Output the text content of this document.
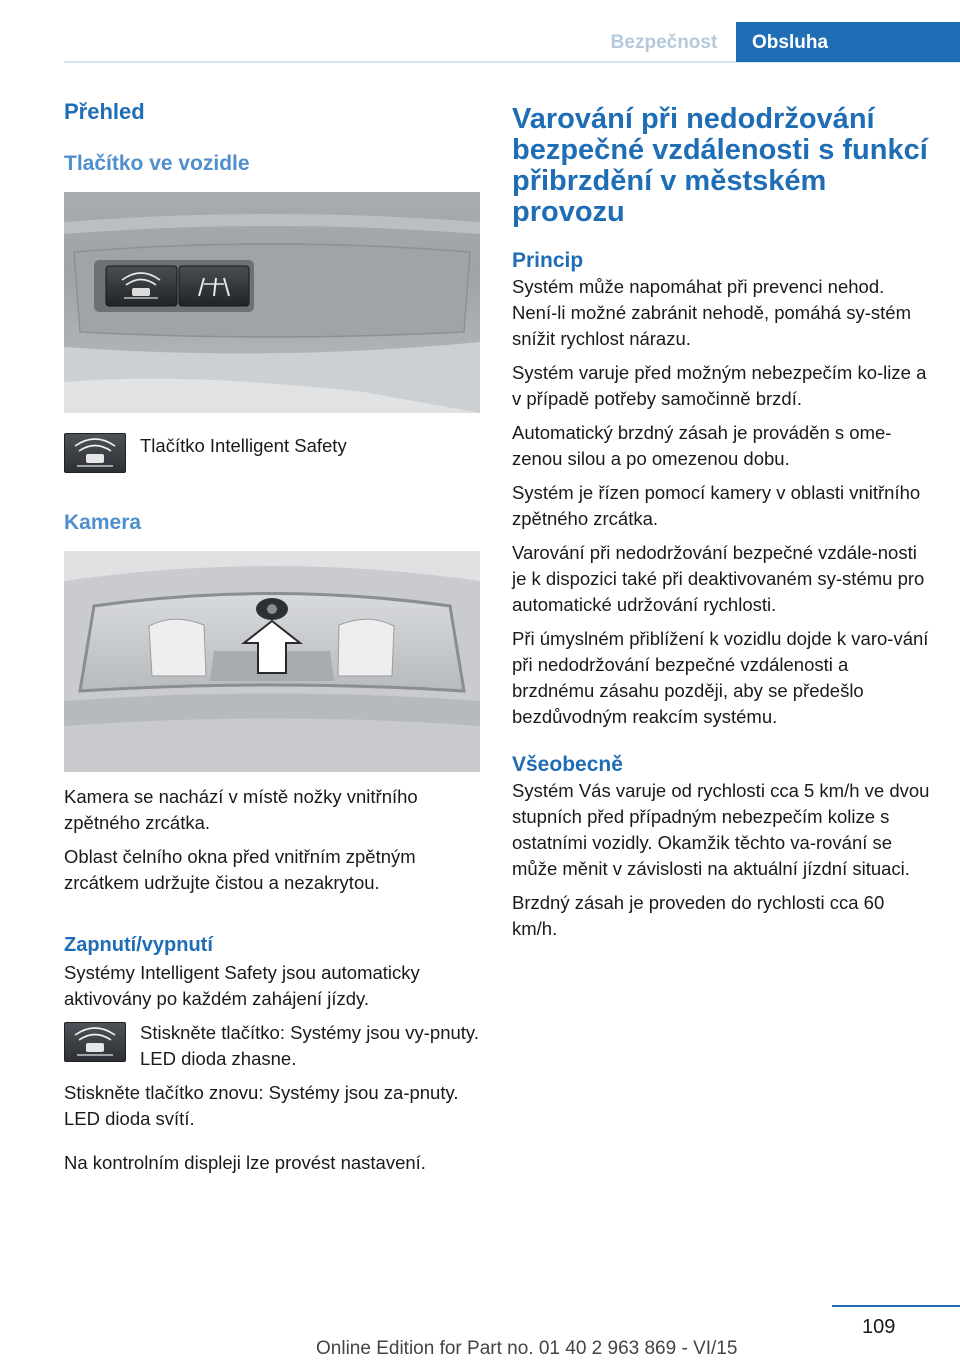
Bezpečnost	Obsluha
Přehled
Tlačítko ve vozidle

Tlačítko Intelligent Safety

Kamera

Kamera se nachází v místě nožky vnitřního zpětného zrcátka.

Oblast čelního okna před vnitřním zpětným zrcátkem udržujte čistou a nezakrytou.

Zapnutí/vypnutí

Systémy Intelligent Safety jsou automaticky aktivovány po každém zahájení jízdy.

Stiskněte tlačítko: Systémy jsou vy-pnuty. LED dioda zhasne.

Stiskněte tlačítko znovu: Systémy jsou za-pnuty. LED dioda svítí.

Na kontrolním displeji lze provést nastavení.

Varování při nedodržování bezpečné vzdálenosti s funkcí přibrzdění v městském provozu
Princip

Systém může napomáhat při prevenci nehod. Není-li možné zabránit nehodě, pomáhá sy-stém snížit rychlost nárazu.

Systém varuje před možným nebezpečím ko-lize a v případě potřeby samočinně brzdí.

Automatický brzdný zásah je prováděn s ome-zenou silou a po omezenou dobu.

Systém je řízen pomocí kamery v oblasti vnitřního zpětného zrcátka.

Varování při nedodržování bezpečné vzdále-nosti je k dispozici také při deaktivovaném sy-stému pro automatické udržování rychlosti.

Při úmyslném přiblížení k vozidlu dojde k varo-vání při nedodržování bezpečné vzdálenosti a brzdnému zásahu později, aby se předešlo bezdůvodným reakcím systému.

Všeobecně

Systém Vás varuje od rychlosti cca 5 km/h ve dvou stupních před případným nebezpečím kolize s ostatními vozidly. Okamžik těchto va-rování se může měnit v závislosti na aktuální jízdní situaci.

Brzdný zásah je proveden do rychlosti cca 60 km/h.

109
Online Edition for Part no. 01 40 2 963 869 - VI/15
